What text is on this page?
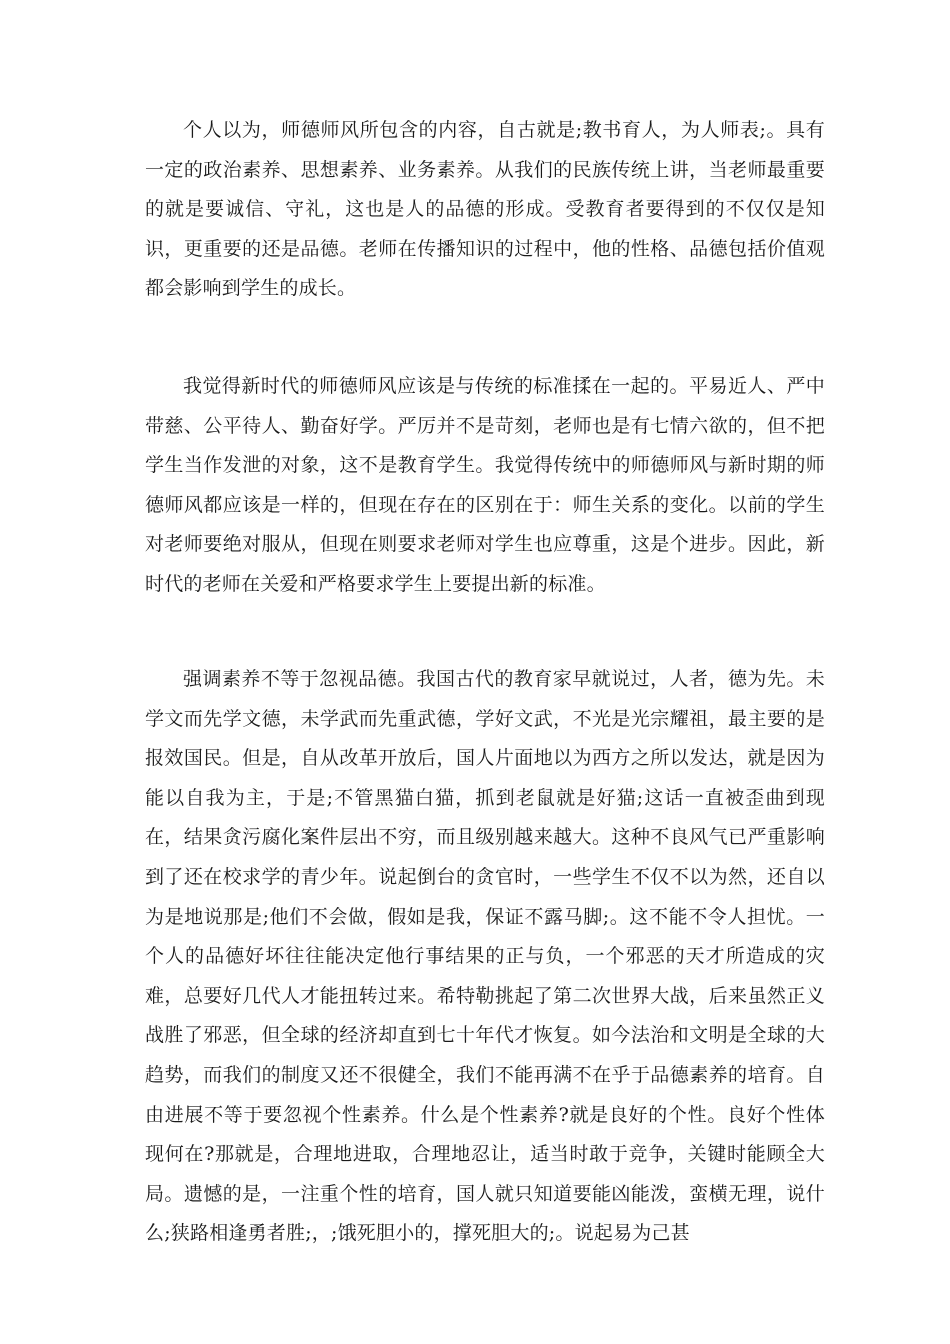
个人以为，师德师风所包含的内容，自古就是;教书育人，为人师表;。具有一定的政治素养、思想素养、业务素养。从我们的民族传统上讲，当老师最重要的就是要诚信、守礼，这也是人的品德的形成。受教育者要得到的不仅仅是知识，更重要的还是品德。老师在传播知识的过程中，他的性格、品德包括价值观都会影响到学生的成长。

我觉得新时代的师德师风应该是与传统的标准揉在一起的。平易近人、严中带慈、公平待人、勤奋好学。严厉并不是苛刻，老师也是有七情六欲的，但不把学生当作发泄的对象，这不是教育学生。我觉得传统中的师德师风与新时期的师德师风都应该是一样的，但现在存在的区别在于：师生关系的变化。以前的学生对老师要绝对服从，但现在则要求老师对学生也应尊重，这是个进步。因此，新时代的老师在关爱和严格要求学生上要提出新的标准。

强调素养不等于忽视品德。我国古代的教育家早就说过，人者，德为先。未学文而先学文德，未学武而先重武德，学好文武，不光是光宗耀祖，最主要的是报效国民。但是，自从改革开放后，国人片面地以为西方之所以发达，就是因为能以自我为主，于是;不管黑猫白猫，抓到老鼠就是好猫;这话一直被歪曲到现在，结果贪污腐化案件层出不穷，而且级别越来越大。这种不良风气已严重影响到了还在校求学的青少年。说起倒台的贪官时，一些学生不仅不以为然，还自以为是地说那是;他们不会做，假如是我，保证不露马脚;。这不能不令人担忧。一个人的品德好坏往往能决定他行事结果的正与负，一个邪恶的天才所造成的灾难，总要好几代人才能扭转过来。希特勒挑起了第二次世界大战，后来虽然正义战胜了邪恶，但全球的经济却直到七十年代才恢复。如今法治和文明是全球的大趋势，而我们的制度又还不很健全，我们不能再满不在乎于品德素养的培育。自由进展不等于要忽视个性素养。什么是个性素养?就是良好的个性。良好个性体现何在?那就是，合理地进取，合理地忍让，适当时敢于竞争，关键时能顾全大局。遗憾的是，一注重个性的培育，国人就只知道要能凶能泼，蛮横无理，说什么;狭路相逢勇者胜;，;饿死胆小的，撑死胆大的;。说起易为己甚
